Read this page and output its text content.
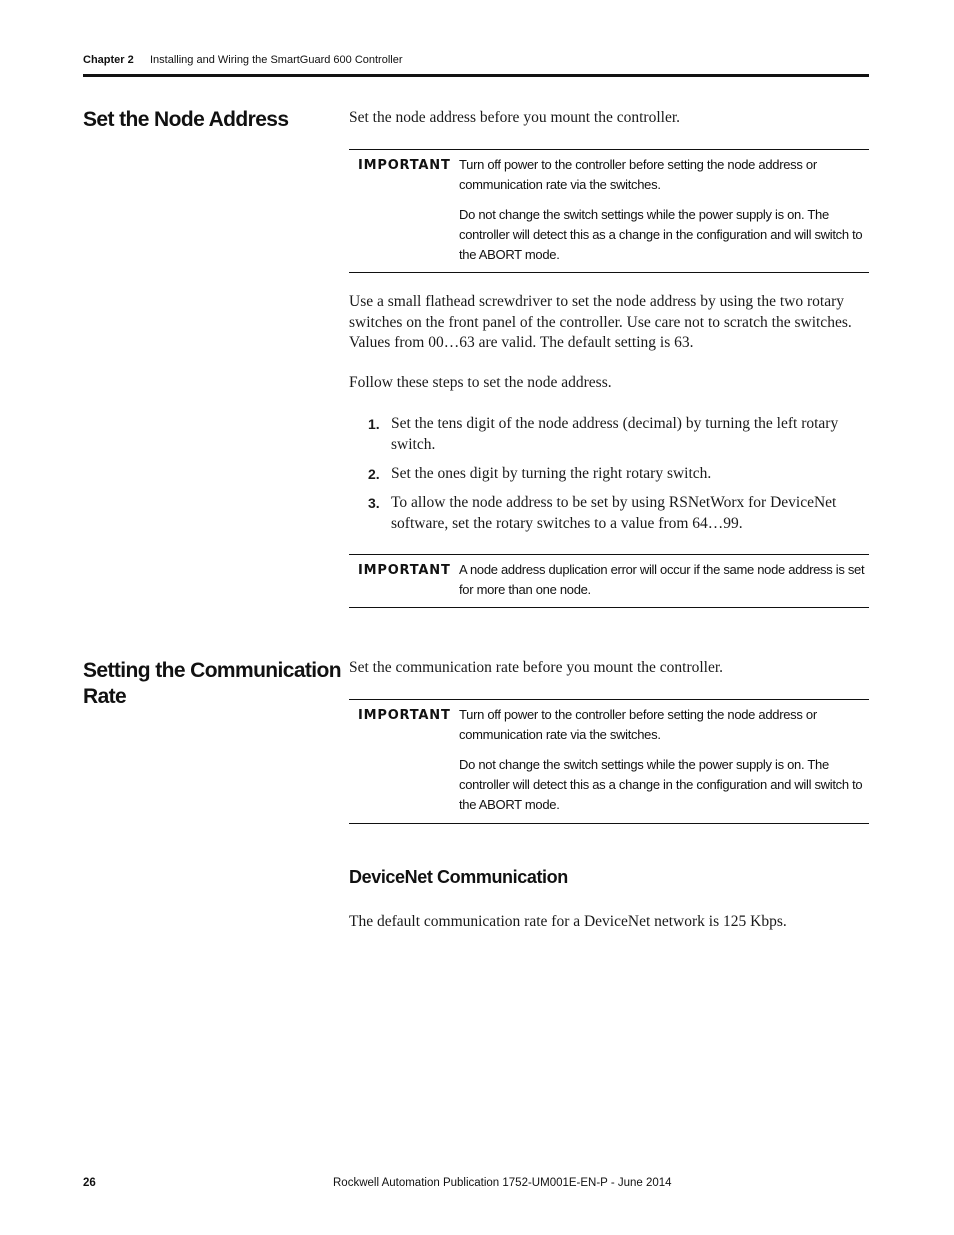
Chapter 2 Installing and Wiring the SmartGuard 600 Controller
Set the Node Address	Set the node address before you mount the controller.
IMPORTANT Turn off power to the controller before setting the node address or communication rate via the switches.
Do not change the switch settings while the power supply is on. The controller will detect this as a change in the configuration and will switch to the ABORT mode.
Use a small flathead screwdriver to set the node address by using the two rotary switches on the front panel of the controller. Use care not to scratch the switches. Values from 00…63 are valid. The default setting is 63.
Follow these steps to set the node address.
1. Set the tens digit of the node address (decimal) by turning the left rotary switch.
2. Set the ones digit by turning the right rotary switch.
3. To allow the node address to be set by using RSNetWorx for DeviceNet software, set the rotary switches to a value from 64…99.
IMPORTANT A node address duplication error will occur if the same node address is set for more than one node.
Setting the Communication
Rate
Set the communication rate before you mount the controller.
IMPORTANT Turn off power to the controller before setting the node address or communication rate via the switches.
Do not change the switch settings while the power supply is on. The controller will detect this as a change in the configuration and will switch to the ABORT mode.
DeviceNet Communication
The default communication rate for a DeviceNet network is 125 Kbps.
26	Rockwell Automation Publication 1752-UM001E-EN-P - June 2014
